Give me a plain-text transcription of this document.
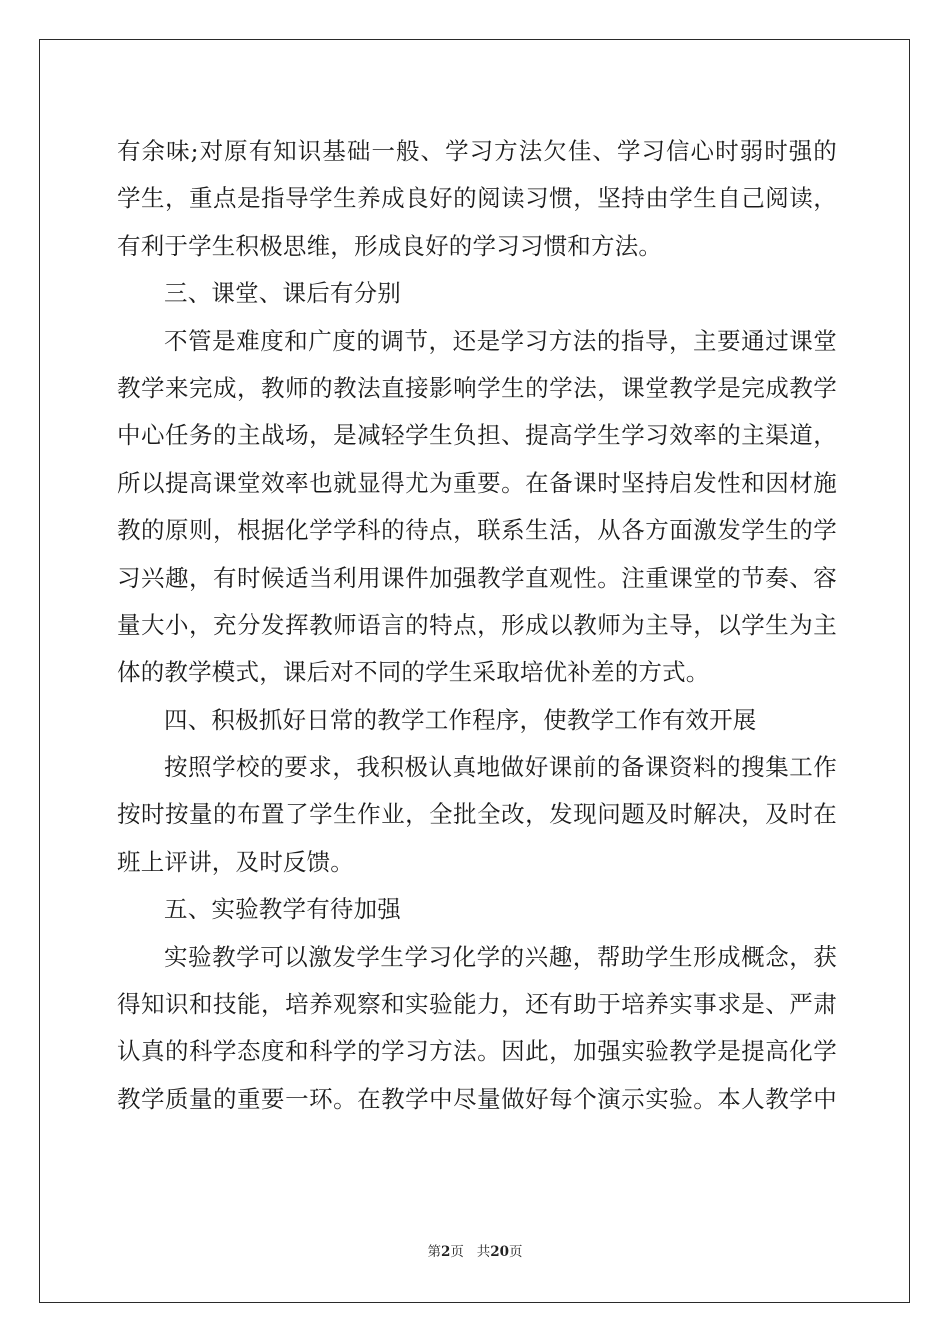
有余味;对原有知识基础一般、学习方法欠佳、学习信心时弱时强的
学生，重点是指导学生养成良好的阅读习惯，坚持由学生自己阅读，
有利于学生积极思维，形成良好的学习习惯和方法。
三、课堂、课后有分别
不管是难度和广度的调节，还是学习方法的指导，主要通过课堂
教学来完成，教师的教法直接影响学生的学法，课堂教学是完成教学
中心任务的主战场，是减轻学生负担、提高学生学习效率的主渠道，
所以提高课堂效率也就显得尤为重要。在备课时坚持启发性和因材施
教的原则，根据化学学科的待点，联系生活，从各方面激发学生的学
习兴趣，有时候适当利用课件加强教学直观性。注重课堂的节奏、容
量大小，充分发挥教师语言的特点，形成以教师为主导，以学生为主
体的教学模式，课后对不同的学生采取培优补差的方式。
四、积极抓好日常的教学工作程序，使教学工作有效开展
按照学校的要求，我积极认真地做好课前的备课资料的搜集工作
按时按量的布置了学生作业，全批全改，发现问题及时解决，及时在
班上评讲，及时反馈。
五、实验教学有待加强
实验教学可以激发学生学习化学的兴趣，帮助学生形成概念，获
得知识和技能，培养观察和实验能力，还有助于培养实事求是、严肃
认真的科学态度和科学的学习方法。因此，加强实验教学是提高化学
教学质量的重要一环。在教学中尽量做好每个演示实验。本人教学中
第2页 共20页
